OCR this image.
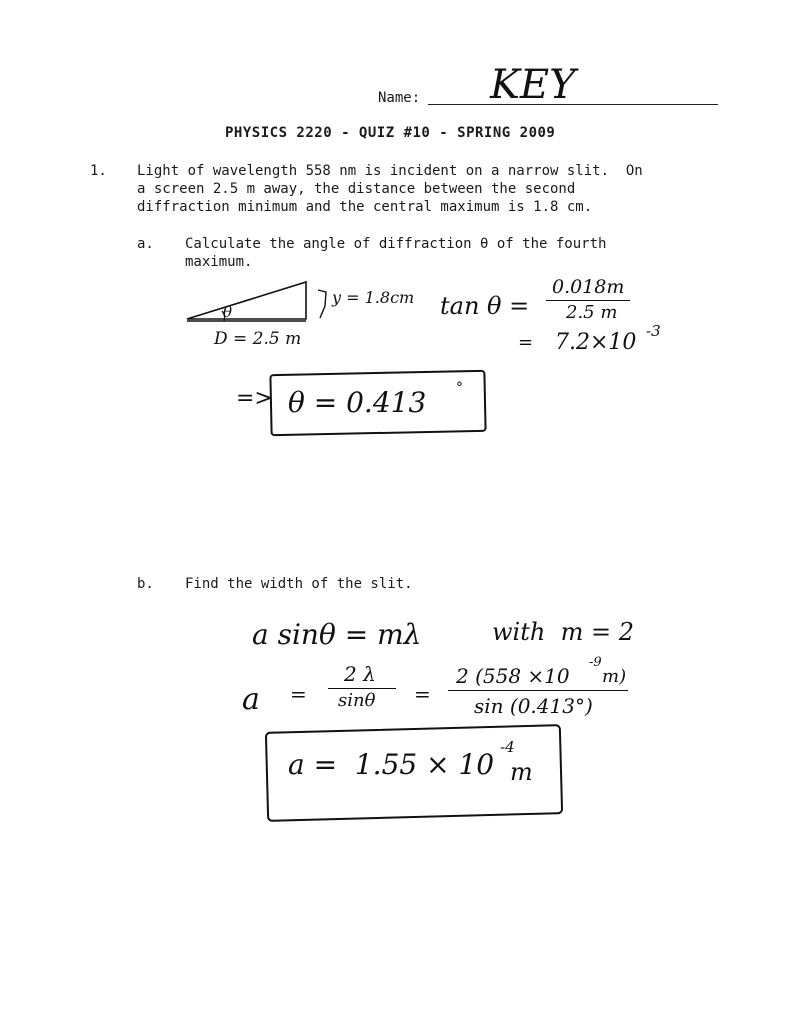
Name: KEY
PHYSICS 2220 - QUIZ #10 - SPRING 2009
1. Light of wavelength 558 nm is incident on a narrow slit.  On
a screen 2.5 m away, the distance between the second
diffraction minimum and the central maximum is 1.8 cm.
a. Calculate the angle of diffraction θ of the fourth
maximum.
θ
y = 1.8cm
D = 2.5 m
tan θ =
0.018m
2.5 m
= 7.2×10 -3
=> θ = 0.413 °
b. Find the width of the slit.
a sinθ = mλ	with  m = 2
a =
2 λ
sinθ =
2 (558 ×10
-9
m)
sin (0.413°)
a =  1.55 × 10
-4
m
